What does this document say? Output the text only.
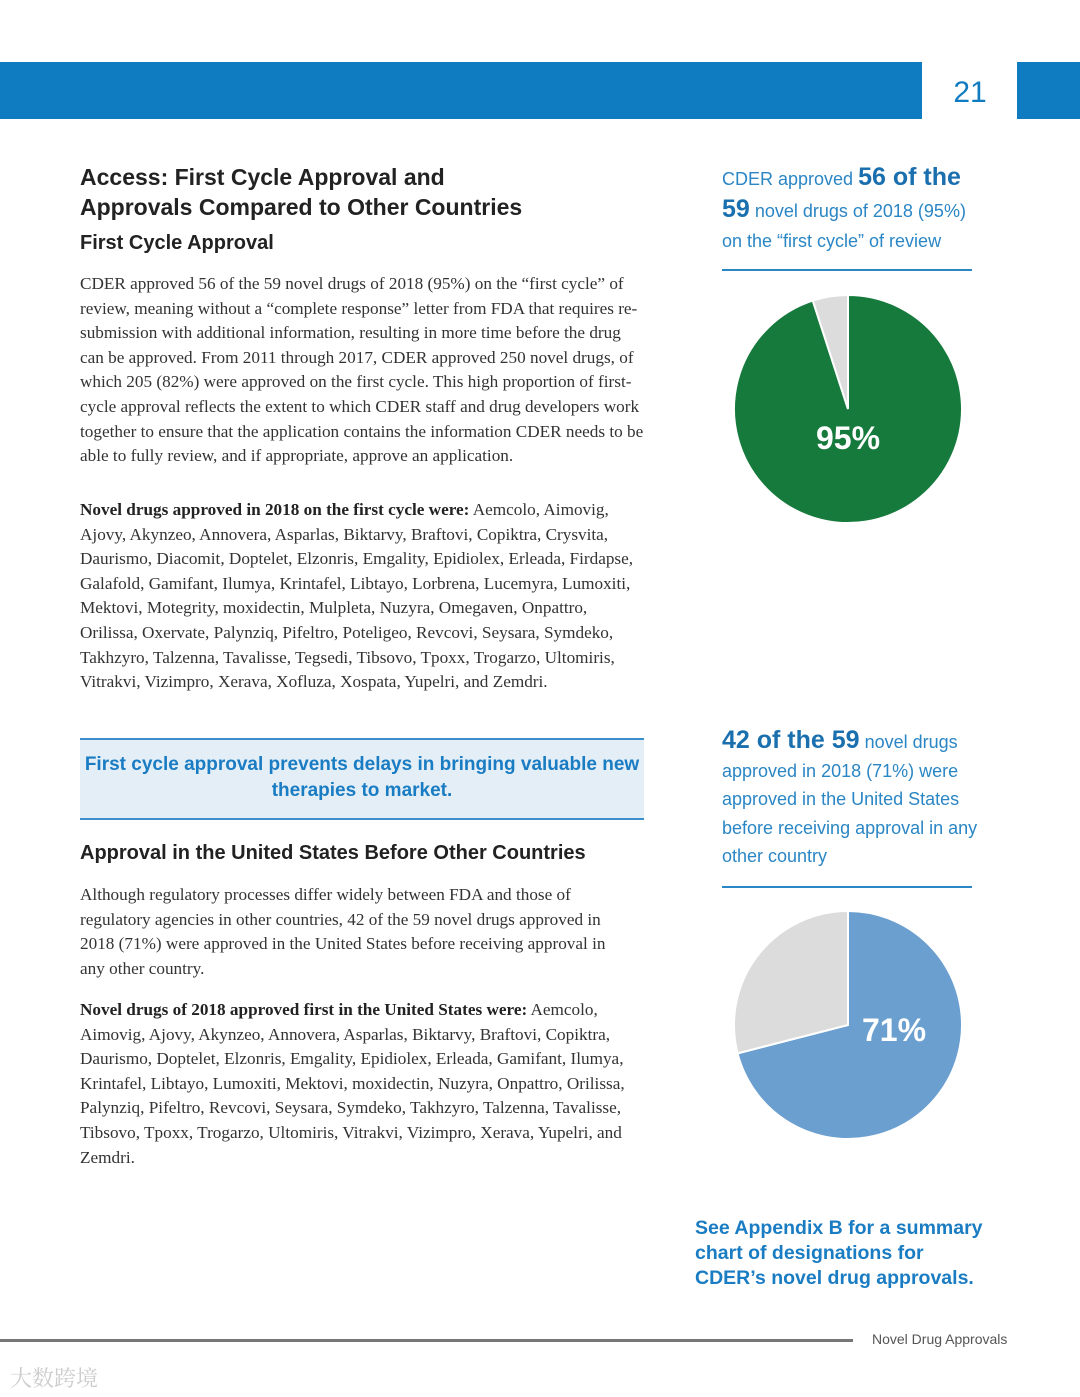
21
Access: First Cycle Approval and Approvals Compared to Other Countries
First Cycle Approval

CDER approved 56 of the 59 novel drugs of 2018 (95%) on the “first cycle” of review, meaning without a “complete response” letter from FDA that requires re-submission with additional information, resulting in more time before the drug can be approved. From 2011 through 2017, CDER approved 250 novel drugs, of which 205 (82%) were approved on the first cycle. This high proportion of first-cycle approval reflects the extent to which CDER staff and drug developers work together to ensure that the application contains the information CDER needs to be able to fully review, and if appropriate, approve an application.

Novel drugs approved in 2018 on the first cycle were: Aemcolo, Aimovig, Ajovy, Akynzeo, Annovera, Asparlas, Biktarvy, Braftovi, Copiktra, Crysvita, Daurismo, Diacomit, Doptelet, Elzonris, Emgality, Epidiolex, Erleada, Firdapse, Galafold, Gamifant, Ilumya, Krintafel, Libtayo, Lorbrena, Lucemyra, Lumoxiti, Mektovi, Motegrity, moxidectin, Mulpleta, Nuzyra, Omegaven, Onpattro, Orilissa, Oxervate, Palynziq, Pifeltro, Poteligeo, Revcovi, Seysara, Symdeko, Takhzyro, Talzenna, Tavalisse, Tegsedi, Tibsovo, Tpoxx, Trogarzo, Ultomiris, Vitrakvi, Vizimpro, Xerava, Xofluza, Xospata, Yupelri, and Zemdri.

First cycle approval prevents delays in bringing valuable new therapies to market.
Approval in the United States Before Other Countries

Although regulatory processes differ widely between FDA and those of regulatory agencies in other countries, 42 of the 59 novel drugs approved in 2018 (71%) were approved in the United States before receiving approval in any other country.

Novel drugs of 2018 approved first in the United States were: Aemcolo, Aimovig, Ajovy, Akynzeo, Annovera, Asparlas, Biktarvy, Braftovi, Copiktra, Daurismo, Doptelet, Elzonris, Emgality, Epidiolex, Erleada, Gamifant, Ilumya, Krintafel, Libtayo, Lumoxiti, Mektovi, moxidectin, Nuzyra, Onpattro, Orilissa, Palynziq, Pifeltro, Revcovi, Seysara, Symdeko, Takhzyro, Talzenna, Tavalisse, Tibsovo, Tpoxx, Trogarzo, Ultomiris, Vitrakvi, Vizimpro, Xerava, Yupelri, and Zemdri.

CDER approved 56 of the 59 novel drugs of 2018 (95%) on the “first cycle” of review
95%
42 of the 59 novel drugs approved in 2018 (71%) were approved in the United States before receiving approval in any other country
71%
See Appendix B for a summary chart of designations for CDER’s novel drug approvals.
Novel Drug Approvals
大数跨境
